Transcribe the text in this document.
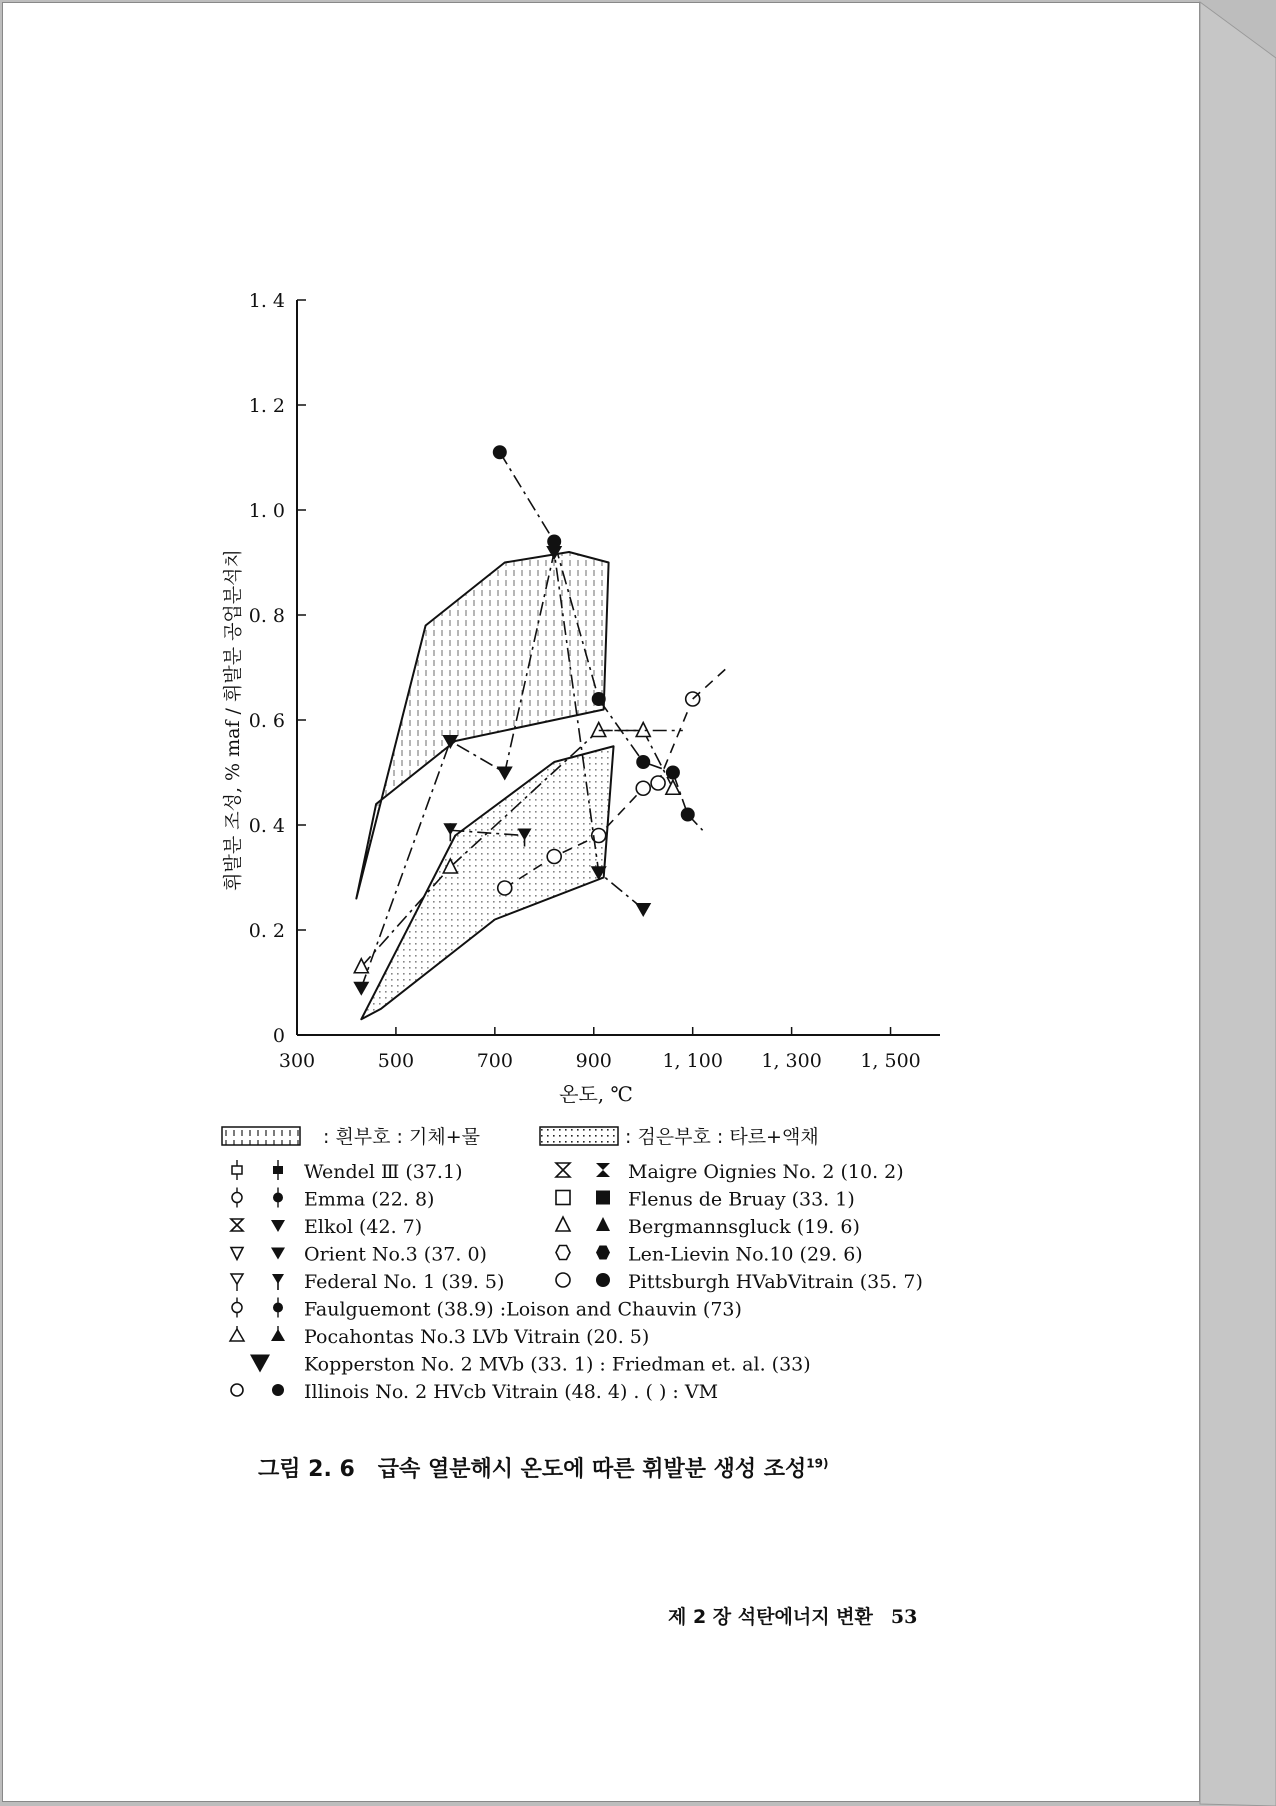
300	500	700	900	1, 100 1, 300 1, 500
0
0. 2
0. 4
0. 6
0. 8
1. 0
1. 2
1. 4
온도, ℃
휘발분 조성, % maf / 휘발분 공업분석치
: 흰부호 : 기체+물	: 검은부호 : 타르+액채
Wendel Ⅲ (37.1)
Emma (22. 8)
Elkol (42. 7)
Orient No.3 (37. 0)
Federal No. 1 (39. 5)
Faulguemont (38.9) :Loison and Chauvin (73)
Pocahontas No.3 LVb Vitrain (20. 5)
Kopperston No. 2 MVb (33. 1) : Friedman et. al. (33)
Illinois No. 2 HVcb Vitrain (48. 4) . ( ) : VM
Maigre Oignies No. 2 (10. 2)
Flenus de Bruay (33. 1)
Bergmannsgluck (19. 6)
Len-Lievin No.10 (29. 6)
Pittsburgh HVabVitrain (35. 7)
그림 2. 6 급속 열분해시 온도에 따른 휘발분 생성 조성$^{19)}$
제 2 장 석탄에너지 변환 53
